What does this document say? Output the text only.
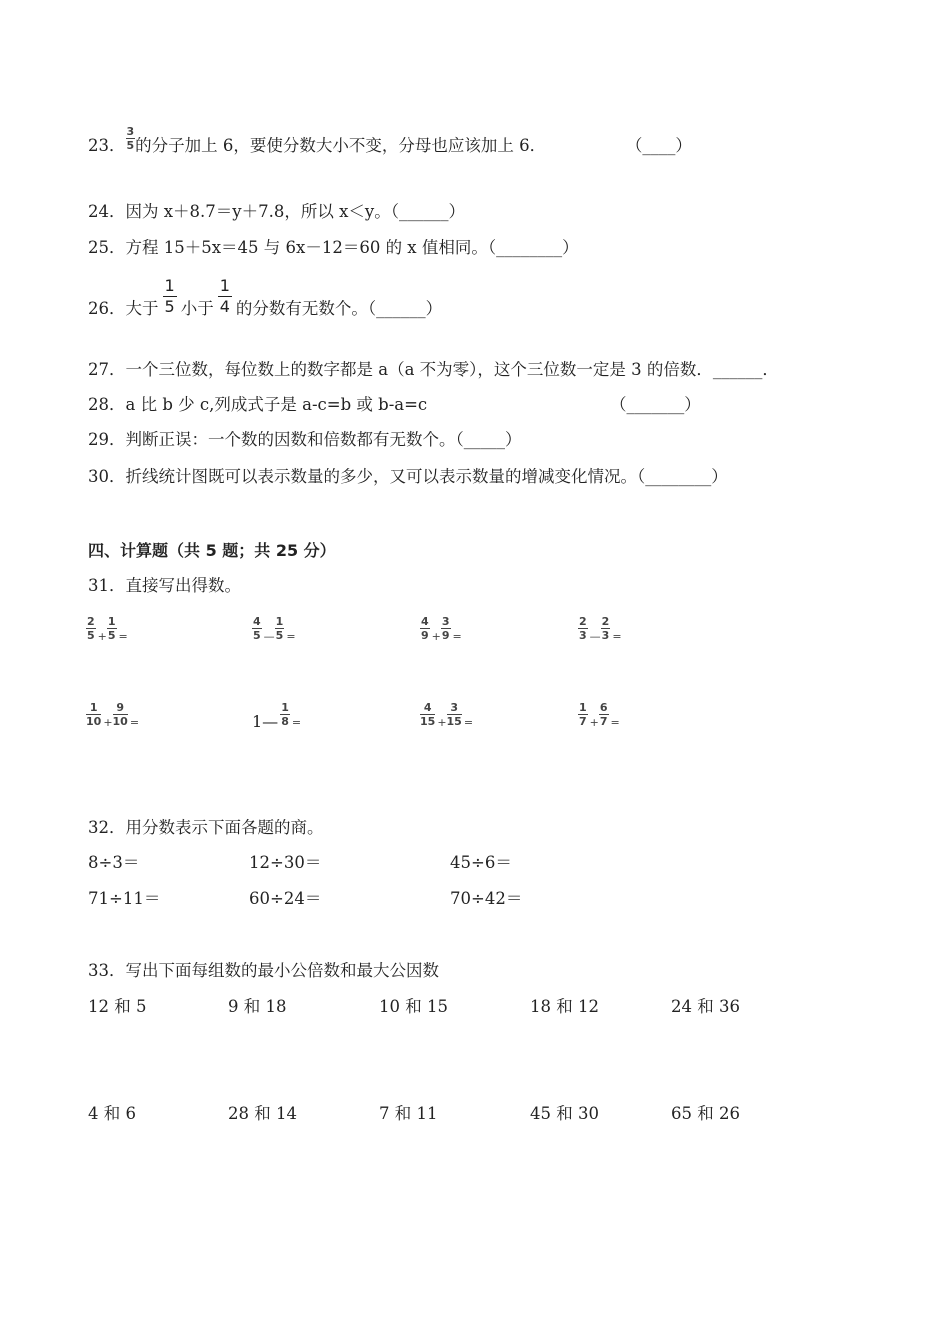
23． $\frac{3}{5}$ 的分子加上 6，要使分数大小不变，分母也应该加上 6．	（____）
24．因为 x＋8.7＝y＋7.8，所以 x＜y。（______）
25．方程 15＋5x＝45 与 6x－12＝60 的 x 值相同。（________）
26．大于 $\frac{1}{5}$ 小于 $\frac{1}{4}$ 的分数有无数个。（______）
27．一个三位数，每位数上的数字都是 a（a 不为零），这个三位数一定是 3 的倍数．______．
28．a 比 b 少 c,列成式子是 a-c=b 或 b-a=c	（_______）
29．判断正误：一个数的因数和倍数都有无数个。（_____）
30．折线统计图既可以表示数量的多少，又可以表示数量的增减变化情况。（________）
四、计算题（共 5 题；共 25 分）
31．直接写出得数。
$\frac{2}{5} + \frac{1}{5}$ =	$\frac{4}{5}$ — $\frac{1}{5}$ =	$\frac{4}{9} + \frac{3}{9}$ =	$\frac{2}{3}$ — $\frac{2}{3}$ =
$\frac{1}{10} + \frac{9}{10}$ =	1— $\frac{1}{8}$ =	$\frac{4}{15} + \frac{3}{15}$ =	$\frac{1}{7} + \frac{6}{7}$ =
32．用分数表示下面各题的商。
8÷3＝	12÷30＝	45÷6＝
71÷11＝	60÷24＝	70÷42＝
33．写出下面每组数的最小公倍数和最大公因数
12 和 5	9 和 18	10 和 15	18 和 12	24 和 36
4 和 6	28 和 14	7 和 11	45 和 30	65 和 26
